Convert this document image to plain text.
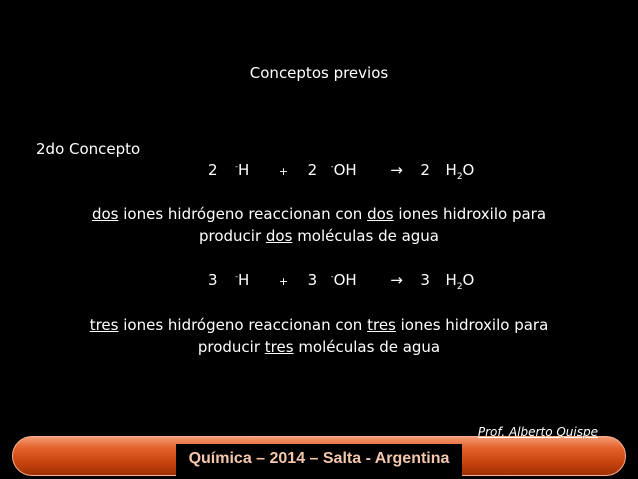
Conceptos previos
2do Concepto
2 -H	+ 2 -OH → 2 H2O
dos iones hidrógeno reaccionan con dos iones hidroxilo para
producir dos moléculas de agua
3 -H	+ 3 -OH → 3 H2O
tres iones hidrógeno reaccionan con tres iones hidroxilo para
producir tres moléculas de agua
Química – 2014 – Salta - Argentina
Prof. Alberto Quispe
